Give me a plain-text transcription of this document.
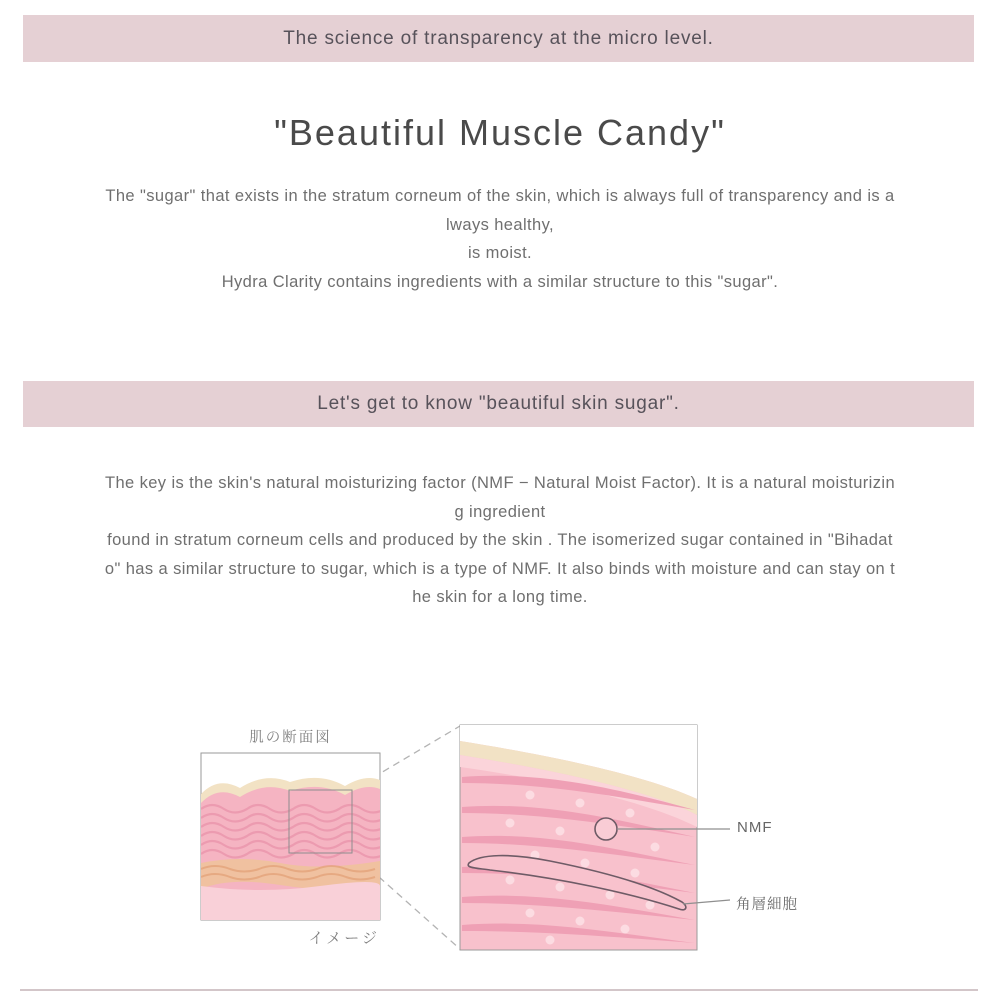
The science of transparency at the micro level.
"Beautiful Muscle Candy"
The "sugar" that exists in the stratum corneum of the skin, which is always full of transparency and is a
lways healthy,
is moist.
Hydra Clarity contains ingredients with a similar structure to this "sugar".
Let's get to know "beautiful skin sugar".
The key is the skin's natural moisturizing factor (NMF − Natural Moist Factor). It is a natural moisturizin
g ingredient
found in stratum corneum cells and produced by the skin . The isomerized sugar contained in "Bihadat
o" has a similar structure to sugar, which is a type of NMF. It also binds with moisture and can stay on t
he skin for a long time.
肌の断面図
イメージ
NMF
角層細胞
